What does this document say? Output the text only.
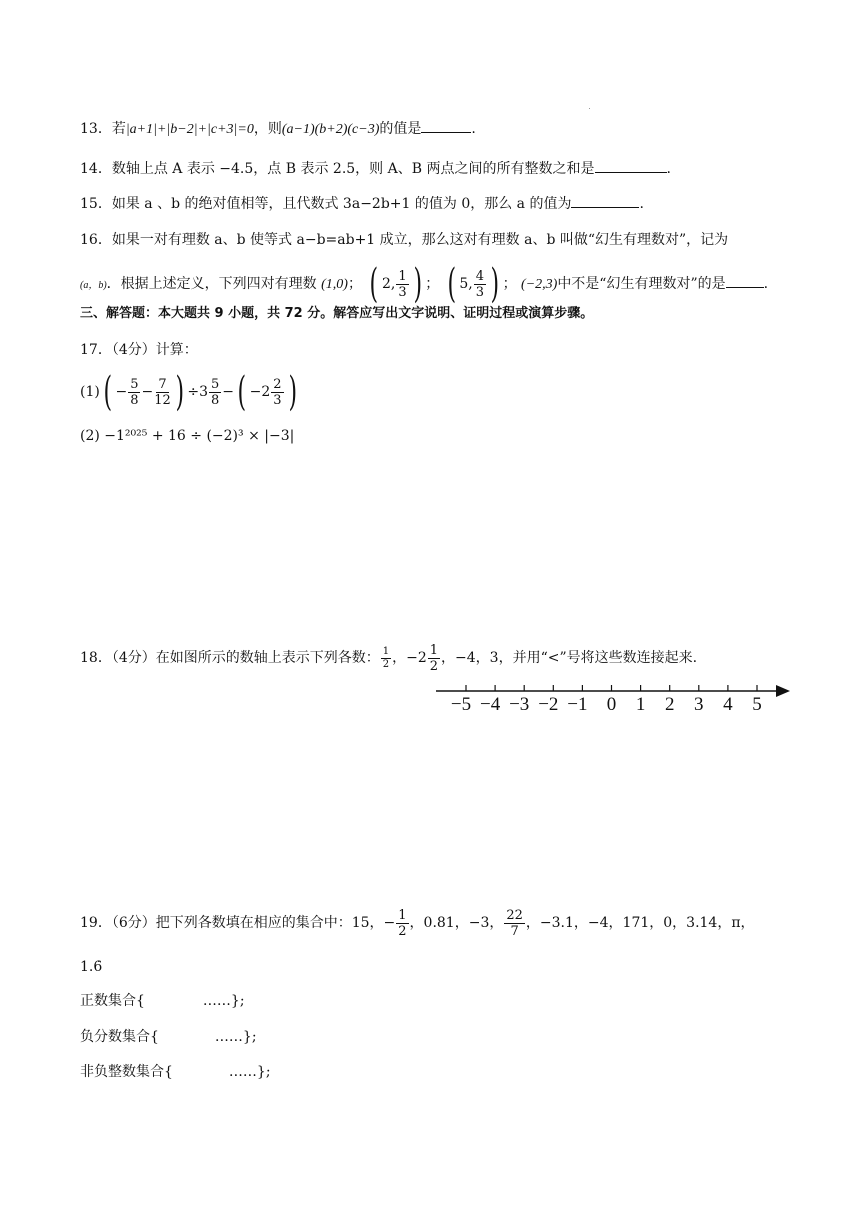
13．若|a+1|+|b−2|+|c+3|=0，则(a−1)(b+2)(c−3)的值是	.
14．数轴上点 A 表示 −4.5，点 B 表示 2.5，则 A、B 两点之间的所有整数之和是	.
15．如果 a 、b 的绝对值相等，且代数式 3a−2b+1 的值为 0，那么 a 的值为	.
16．如果一对有理数 a、b 使等式 a−b=ab+1 成立，那么这对有理数 a、b 叫做“幻生有理数对”，记为
(a，b)．根据上述定义，下列四对有理数 (1,0)； ( 2, $\frac{1}{3}$ ) ； ( 5, $\frac{4}{3}$ ) ； (−2,3)中不是“幻生有理数对”的是	.
三、解答题：本大题共 9 小题，共 72 分。解答应写出文字说明、证明过程或演算步骤。
17．（4分）计算：
(1) ( − $\frac{5}{8} - \frac{7}{12}$ ) $\div 3 \frac{5}{8}$ − ( $-2 \frac{2}{3}$ )
(2) −1²⁰²⁵ + 16 ÷ (−2)³ × |−3|
18．（4分）在如图所示的数轴上表示下列各数： $\frac{1}{2}$ ，$-2 \frac{1}{2}$ ，−4，3，并用“<”号将这些数连接起来.
−5 −4 −3 −2 −1	0	1	2	3	4	5
19．（6分）把下列各数填在相应的集合中：15，− $\frac{1}{2}$ ，0.81，−3， $\frac{22}{7}$ ，−3.1，−4，171，0，3.14，π，
1.6̇
正数集合{	……};
负分数集合{	……};
非负整数集合{	……};
